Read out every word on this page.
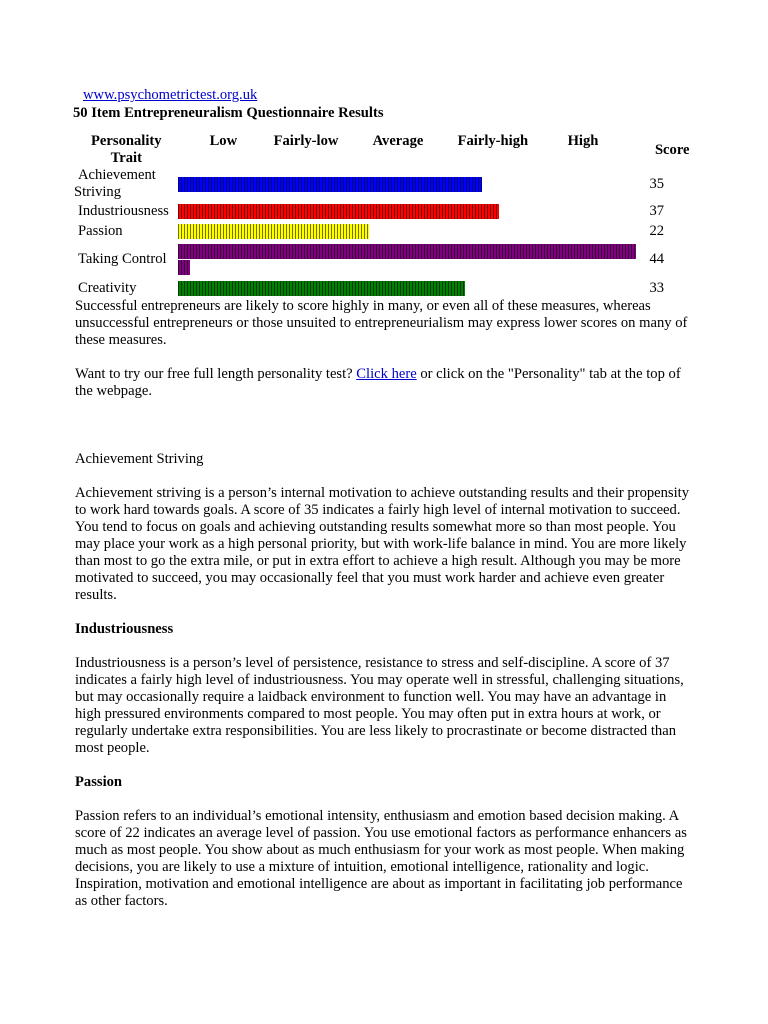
www.psychometrictest.org.uk

50 Item Entrepreneuralism Questionnaire Results

Personality
Trait	Low Fairly-low Average Fairly-high High	Score
Achievement
Striving		35
Industriousness		37
Passion		22
Taking Control		44
Creativity		33

Successful entrepreneurs are likely to score highly in many, or even all of these measures, whereas unsuccessful entrepreneurs or those unsuited to entrepreneurialism may express lower scores on many of these measures.

Want to try our free full length personality test? Click here or click on the "Personality" tab at the top of the webpage.

Achievement Striving

Achievement striving is a person’s internal motivation to achieve outstanding results and their propensity to work hard towards goals. A score of 35 indicates a fairly high level of internal motivation to succeed. You tend to focus on goals and achieving outstanding results somewhat more so than most people. You may place your work as a high personal priority, but with work-life balance in mind. You are more likely than most to go the extra mile, or put in extra effort to achieve a high result. Although you may be more motivated to succeed, you may occasionally feel that you must work harder and achieve even greater results.

Industriousness

Industriousness is a person’s level of persistence, resistance to stress and self-discipline. A score of 37 indicates a fairly high level of industriousness. You may operate well in stressful, challenging situations, but may occasionally require a laidback environment to function well. You may have an advantage in high pressured environments compared to most people. You may often put in extra hours at work, or regularly undertake extra responsibilities. You are less likely to procrastinate or become distracted than most people.

Passion

Passion refers to an individual’s emotional intensity, enthusiasm and emotion based decision making. A score of 22 indicates an average level of passion. You use emotional factors as performance enhancers as much as most people. You show about as much enthusiasm for your work as most people. When making decisions, you are likely to use a mixture of intuition, emotional intelligence, rationality and logic. Inspiration, motivation and emotional intelligence are about as important in facilitating job performance as other factors.
